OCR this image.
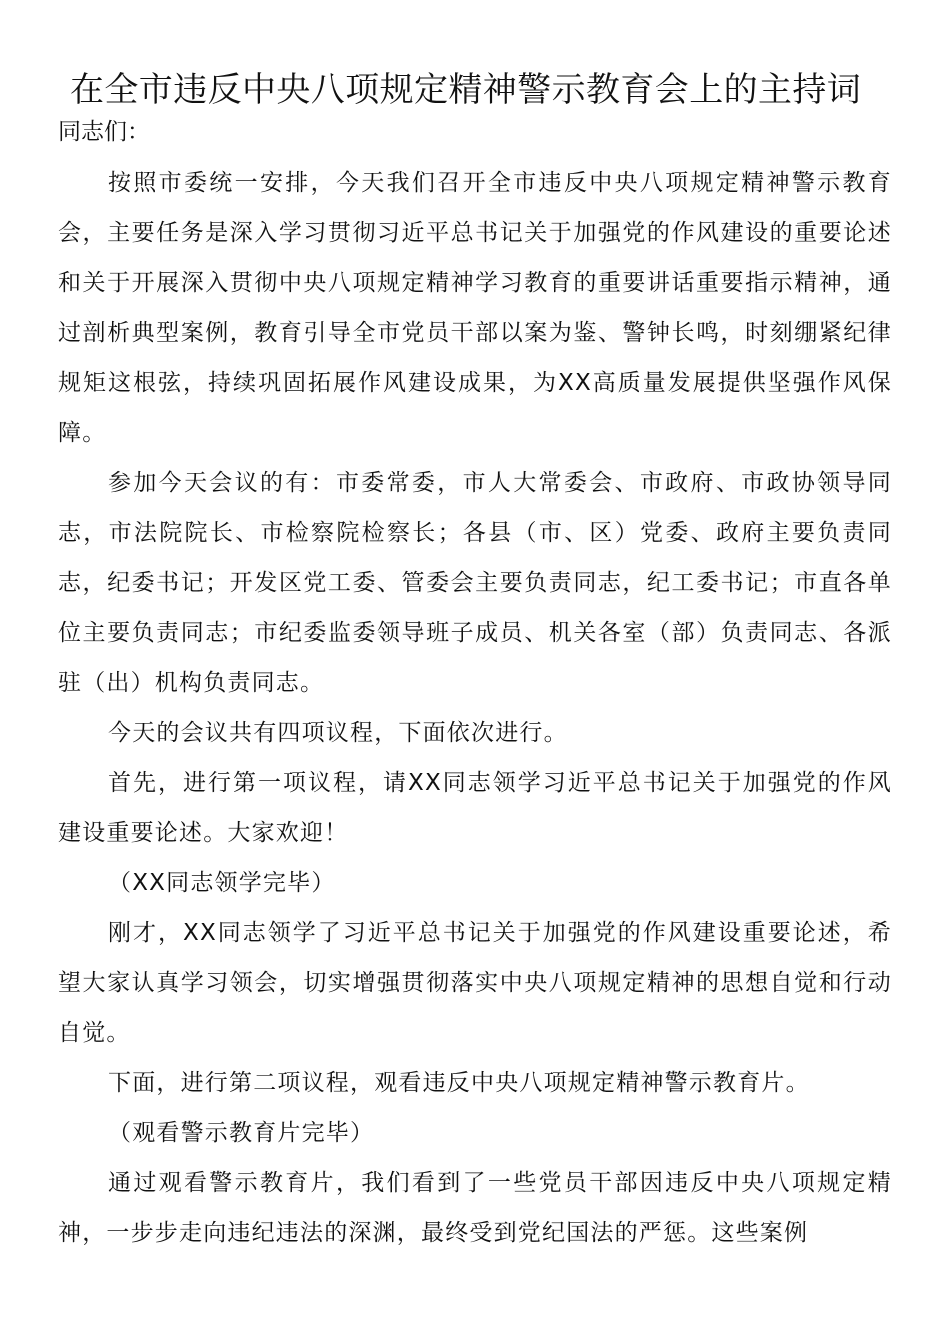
在全市违反中央八项规定精神警示教育会上的主持词
同志们：

按照市委统一安排，今天我们召开全市违反中央八项规定精神警示教育会，主要任务是深入学习贯彻习近平总书记关于加强党的作风建设的重要论述和关于开展深入贯彻中央八项规定精神学习教育的重要讲话重要指示精神，通过剖析典型案例，教育引导全市党员干部以案为鉴、警钟长鸣，时刻绷紧纪律规矩这根弦，持续巩固拓展作风建设成果，为XX高质量发展提供坚强作风保障。

参加今天会议的有：市委常委，市人大常委会、市政府、市政协领导同志，市法院院长、市检察院检察长；各县（市、区）党委、政府主要负责同志，纪委书记；开发区党工委、管委会主要负责同志，纪工委书记；市直各单位主要负责同志；市纪委监委领导班子成员、机关各室（部）负责同志、各派驻（出）机构负责同志。

今天的会议共有四项议程，下面依次进行。

首先，进行第一项议程，请XX同志领学习近平总书记关于加强党的作风建设重要论述。大家欢迎！

（XX同志领学完毕）

刚才，XX同志领学了习近平总书记关于加强党的作风建设重要论述，希望大家认真学习领会，切实增强贯彻落实中央八项规定精神的思想自觉和行动自觉。

下面，进行第二项议程，观看违反中央八项规定精神警示教育片。

（观看警示教育片完毕）

通过观看警示教育片，我们看到了一些党员干部因违反中央八项规定精神，一步步走向违纪违法的深渊，最终受到党纪国法的严惩。这些案例
